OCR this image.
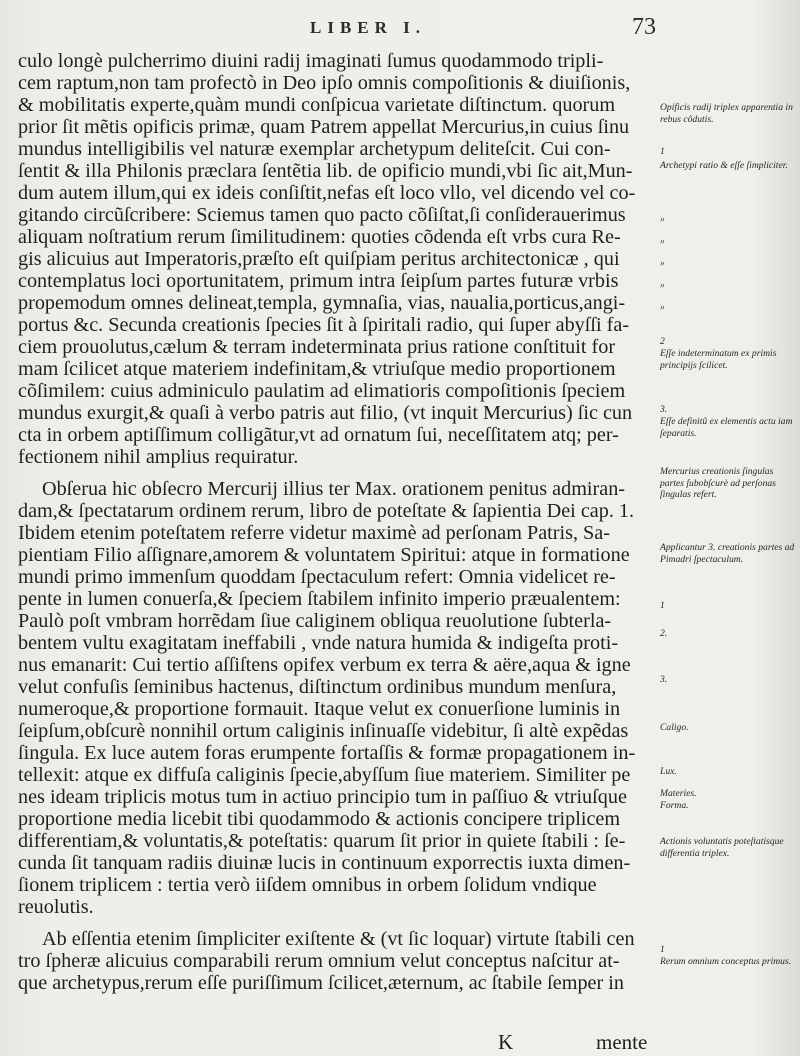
LIBER I.	73
culo longè pulcherrimo diuini radij imaginati ſumus quodammodo tripli-
cem raptum,non tam profectò in Deo ipſo omnis compoſitionis & diuiſionis,
& mobilitatis experte,quàm mundi conſpicua varietate diſtinctum. quorum
prior ſit mẽtis opificis primæ, quam Patrem appellat Mercurius,in cuius ſinu
mundus intelligibilis vel naturæ exemplar archetypum deliteſcit. Cui con-
ſentit & illa Philonis præclara ſentẽtia lib. de opificio mundi,vbi ſic ait,Mun-
dum autem illum,qui ex ideis conſiſtit,nefas eſt loco vllo, vel dicendo vel co-
gitando circũſcribere: Sciemus tamen quo pacto cõſiſtat,ſi conſiderauerimus
aliquam noſtratium rerum ſimilitudinem: quoties cõdenda eſt vrbs cura Re-
gis alicuius aut Imperatoris,præſto eſt quiſpiam peritus architectonicæ , qui
contemplatus loci oportunitatem, primum intra ſeipſum partes futuræ vrbis
propemodum omnes delineat,templa, gymnaſia, vias, naualia,porticus,angi-
portus &c. Secunda creationis ſpecies ſit à ſpiritali radio, qui ſuper abyſſi fa-
ciem prouolutus,cælum & terram indeterminata prius ratione conſtituit for
mam ſcilicet atque materiem indefinitam,& vtriuſque medio proportionem
cõſimilem: cuius adminiculo paulatim ad elimatioris compoſitionis ſpeciem
mundus exurgit,& quaſi à verbo patris aut filio, (vt inquit Mercurius) ſic cun
cta in orbem aptiſſimum colligãtur,vt ad ornatum ſui, neceſſitatem atq; per-
fectionem nihil amplius requiratur.
Obſerua hic obſecro Mercurij illius ter Max. orationem penitus admiran-
dam,& ſpectatarum ordinem rerum, libro de poteſtate & ſapientia Dei cap. 1.
Ibidem etenim poteſtatem referre videtur maximè ad perſonam Patris, Sa-
pientiam Filio aſſignare,amorem & voluntatem Spiritui: atque in formatione
mundi primo immenſum quoddam ſpectaculum refert: Omnia videlicet re-
pente in lumen conuerſa,& ſpeciem ſtabilem infinito imperio præualentem:
Paulò poſt vmbram horrẽdam ſiue caliginem obliqua reuolutione ſubterla-
bentem vultu exagitatam ineffabili , vnde natura humida & indigeſta proti-
nus emanarit: Cui tertio aſſiſtens opifex verbum ex terra & aëre,aqua & igne
velut confuſis ſeminibus hactenus, diſtinctum ordinibus mundum menſura,
numeroque,& proportione formauit. Itaque velut ex conuerſione luminis in
ſeipſum,obſcurè nonnihil ortum caliginis inſinuaſſe videbitur, ſi altè expẽdas
ſingula. Ex luce autem foras erumpente fortaſſis & formæ propagationem in-
tellexit: atque ex diffuſa caliginis ſpecie,abyſſum ſiue materiem. Similiter pe
nes ideam triplicis motus tum in actiuo principio tum in paſſiuo & vtriuſque
proportione media licebit tibi quodammodo & actionis concipere triplicem
differentiam,& voluntatis,& poteſtatis: quarum ſit prior in quiete ſtabili : ſe-
cunda ſit tanquam radiis diuinæ lucis in continuum exporrectis iuxta dimen-
ſionem triplicem : tertia verò iiſdem omnibus in orbem ſolidum vndique
reuolutis.
Ab eſſentia etenim ſimpliciter exiſtente & (vt ſic loquar) virtute ſtabili cen
tro ſpheræ alicuius comparabili rerum omnium velut conceptus naſcitur at-
que archetypus,rerum eſſe puriſſimum ſcilicet,æternum, ac ſtabile ſemper in
K	mente
Opificis radij triplex apparentia in rebus côdutis.
1
Archetypi ratio & eſſe ſimpliciter.
»
»
»
»
»
2
Eſſe indeterminatum ex primis principijs ſcilicet.
3.
Eſſe definitũ ex elementis actu iam ſeparatis.
Mercurius creationis ſingulas partes ſubobſcurè ad perſonas ſingulas refert.
Applicantur 3. creationis partes ad Pimadri ſpectaculum.
1
2.
3.
Caligo.
Lux.
Materies.
Forma.
Actionis voluntatis poteſtatisque differentia triplex.
1
Rerum omnium conceptus primus.
